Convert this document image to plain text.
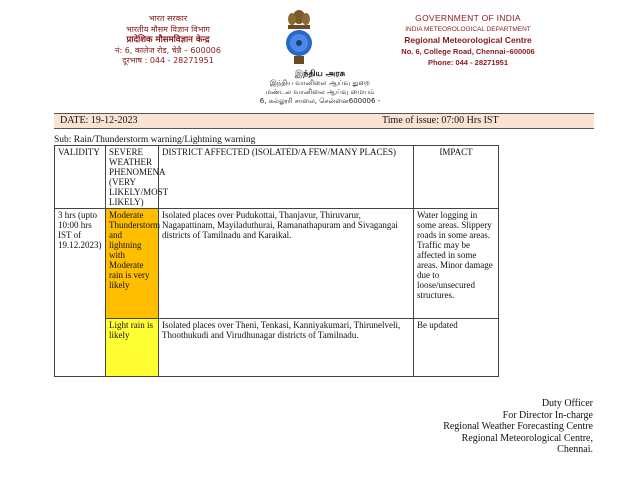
भारत सरकार
भारतीय मौसम विज्ञान विभाग
प्रादेशिक मौसमविज्ञान केन्द्र
नं: 6, कालेज रोड, चेन्नै – 600006
दूरभाष : 044 - 28271951
GOVERNMENT OF INDIA
INDIA METEOROLOGICAL DEPARTMENT
Regional Meteorological Centre
No. 6, College Road, Chennai–600006
Phone: 044 - 28271951
இந்திய அரசு
இந்திய வானிலை ஆய்வு துறை
மண்டல வானிலை ஆய்வு மையம்
6, கல்லூரி சாலை, சென்னை600006 -
DATE: 19-12-2023	Time of issue: 07:00 Hrs IST
Sub: Rain/Thunderstorm warning/Lightning warning
VALIDITY	SEVERE WEATHER PHENOMENA (VERY LIKELY/MOST LIKELY)	DISTRICT AFFECTED (ISOLATED/A FEW/MANY PLACES)	IMPACT
3 hrs (upto 10:00 hrs IST of 19.12.2023)	Moderate Thunderstorm and lightning with Moderate rain is very likely	Isolated places over Pudukottai, Thanjavur, Thiruvarur, Nagapattinam, Mayiladuthurai, Ramanathapuram and Sivagangai districts of Tamilnadu and Karaikal.	Water logging in some areas. Slippery roads in some areas. Traffic may be affected in some areas. Minor damage due to loose/unsecured structures.
	Light rain is likely	Isolated places over Theni, Tenkasi, Kanniyakumari, Thirunelveli, Thoothukudi and Virudhunagar districts of Tamilnadu.	Be updated
Duty Officer
For Director In-charge
Regional Weather Forecasting Centre
Regional Meteorological Centre,
Chennai.
